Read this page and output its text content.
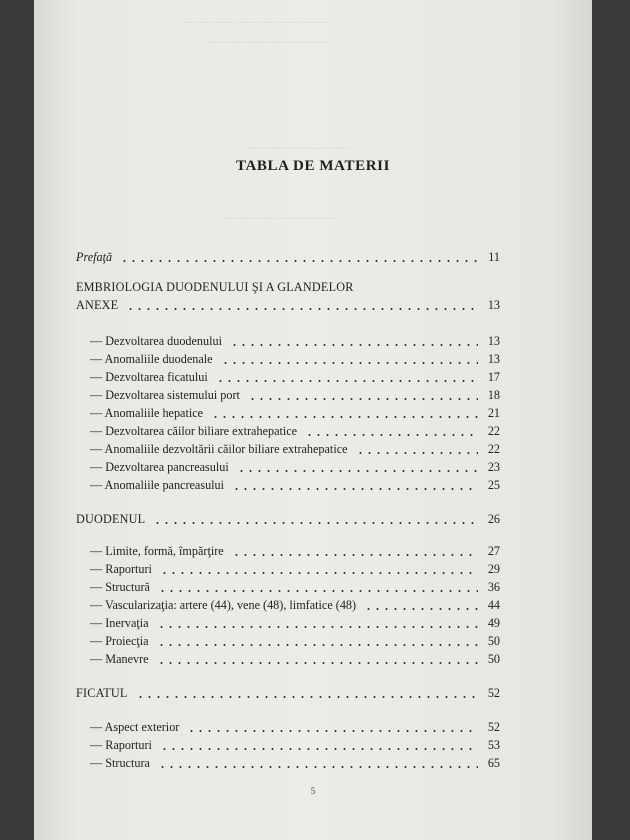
...............................................
..........................................
...................................
.....................................
TABLA DE MATERII
Prefaţă	11
EMBRIOLOGIA DUODENULUI ŞI A GLANDELOR
ANEXE	13
— Dezvoltarea duodenului	13
— Anomaliile duodenale	13
— Dezvoltarea ficatului	17
— Dezvoltarea sistemului port	18
— Anomaliile hepatice	21
— Dezvoltarea căilor biliare extrahepatice	22
— Anomaliile dezvoltării căilor biliare extrahepatice	22
— Dezvoltarea pancreasului	23
— Anomaliile pancreasului	25
DUODENUL	26
— Limite, formă, împărţire	27
— Raporturi	29
— Structură	36
— Vascularizaţia: artere (44), vene (48), limfatice (48)	44
— Inervaţia	49
— Proiecţia	50
— Manevre	50
FICATUL	52
— Aspect exterior	52
— Raporturi	53
— Structura	65
5
